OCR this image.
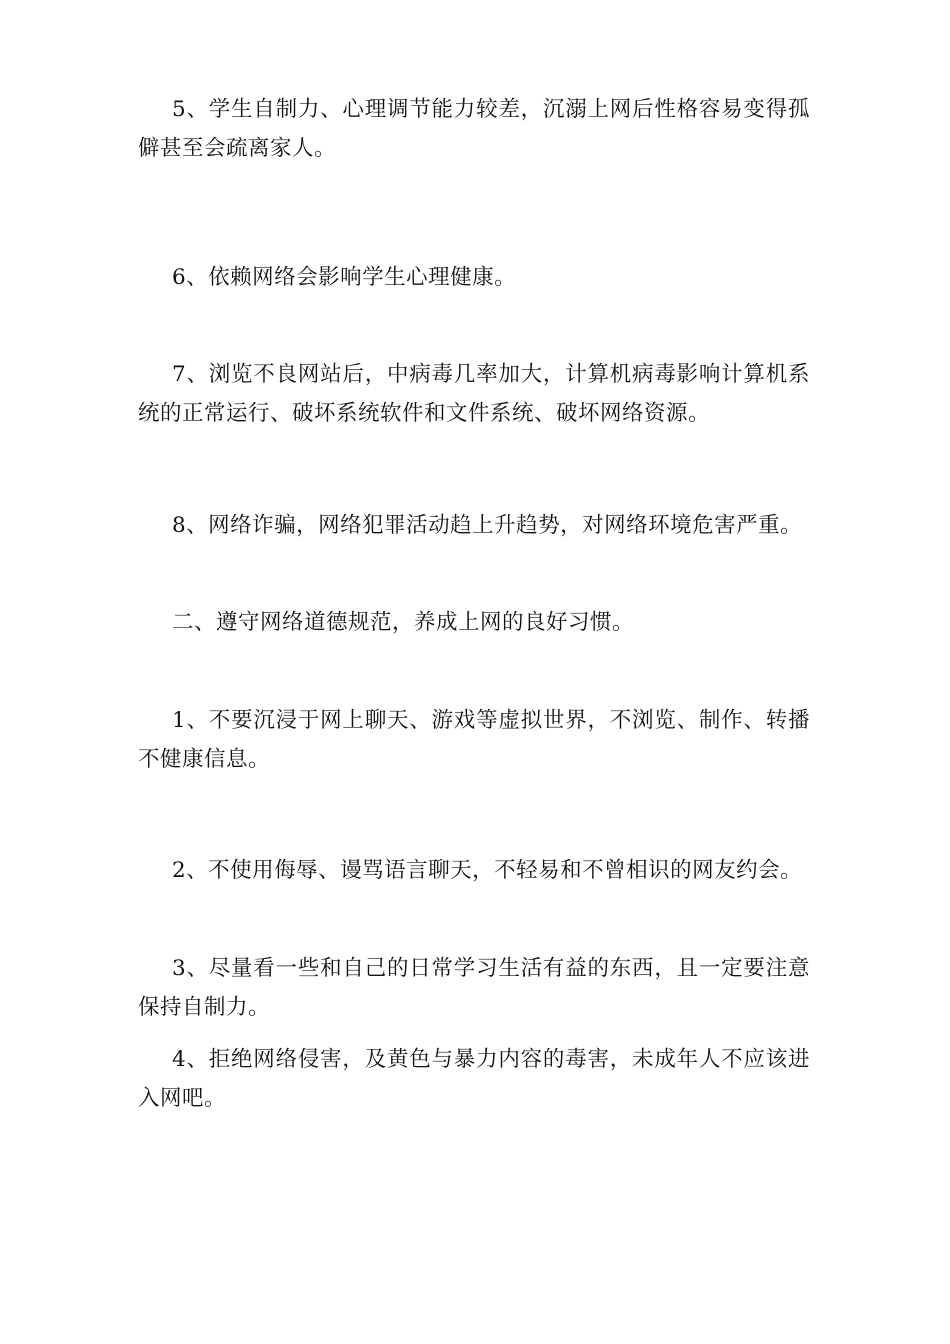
5、学生自制力、心理调节能力较差，沉溺上网后性格容易变得孤僻甚至会疏离家人。

6、依赖网络会影响学生心理健康。

7、浏览不良网站后，中病毒几率加大，计算机病毒影响计算机系统的正常运行、破坏系统软件和文件系统、破坏网络资源。

8、网络诈骗，网络犯罪活动趋上升趋势，对网络环境危害严重。

二、遵守网络道德规范，养成上网的良好习惯。

1、不要沉浸于网上聊天、游戏等虚拟世界，不浏览、制作、转播不健康信息。

2、不使用侮辱、谩骂语言聊天，不轻易和不曾相识的网友约会。

3、尽量看一些和自己的日常学习生活有益的东西，且一定要注意保持自制力。

4、拒绝网络侵害，及黄色与暴力内容的毒害，未成年人不应该进入网吧。
